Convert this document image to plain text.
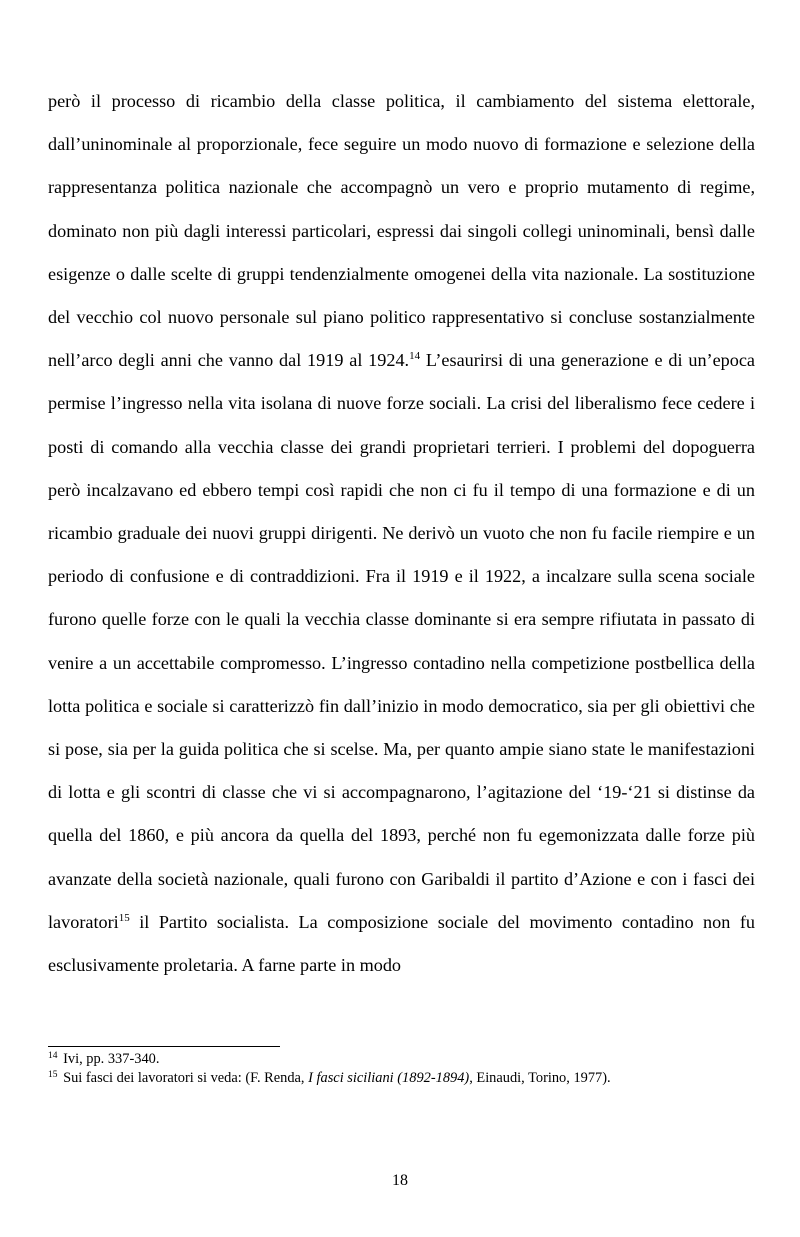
però il processo di ricambio della classe politica, il cambiamento del sistema elettorale, dall’uninominale al proporzionale, fece seguire un modo nuovo di formazione e selezione della rappresentanza politica nazionale che accompagnò un vero e proprio mutamento di regime, dominato non più dagli interessi particolari, espressi dai singoli collegi uninominali, bensì dalle esigenze o dalle scelte di gruppi tendenzialmente omogenei della vita nazionale. La sostituzione del vecchio col nuovo personale sul piano politico rappresentativo si concluse sostanzialmente nell’arco degli anni che vanno dal 1919 al 1924.14 L’esaurirsi di una generazione e di un’epoca permise l’ingresso nella vita isolana di nuove forze sociali. La crisi del liberalismo fece cedere i posti di comando alla vecchia classe dei grandi proprietari terrieri. I problemi del dopoguerra però incalzavano ed ebbero tempi così rapidi che non ci fu il tempo di una formazione e di un ricambio graduale dei nuovi gruppi dirigenti. Ne derivò un vuoto che non fu facile riempire e un periodo di confusione e di contraddizioni. Fra il 1919 e il 1922, a incalzare sulla scena sociale furono quelle forze con le quali la vecchia classe dominante si era sempre rifiutata in passato di venire a un accettabile compromesso. L’ingresso contadino nella competizione postbellica della lotta politica e sociale si caratterizzò fin dall’inizio in modo democratico, sia per gli obiettivi che si pose, sia per la guida politica che si scelse. Ma, per quanto ampie siano state le manifestazioni di lotta e gli scontri di classe che vi si accompagnarono, l’agitazione del ‘19-‘21 si distinse da quella del 1860, e più ancora da quella del 1893, perché non fu egemonizzata dalle forze più avanzate della società nazionale, quali furono con Garibaldi il partito d’Azione e con i fasci dei lavoratori$^{15}$ il Partito socialista. La composizione sociale del movimento contadino non fu esclusivamente proletaria. A farne parte in modo

$^{14}$ Ivi, pp. 337-340.

$^{15}$ Sui fasci dei lavoratori si veda: (F. Renda, I fasci siciliani (1892-1894), Einaudi, Torino, 1977).

18
